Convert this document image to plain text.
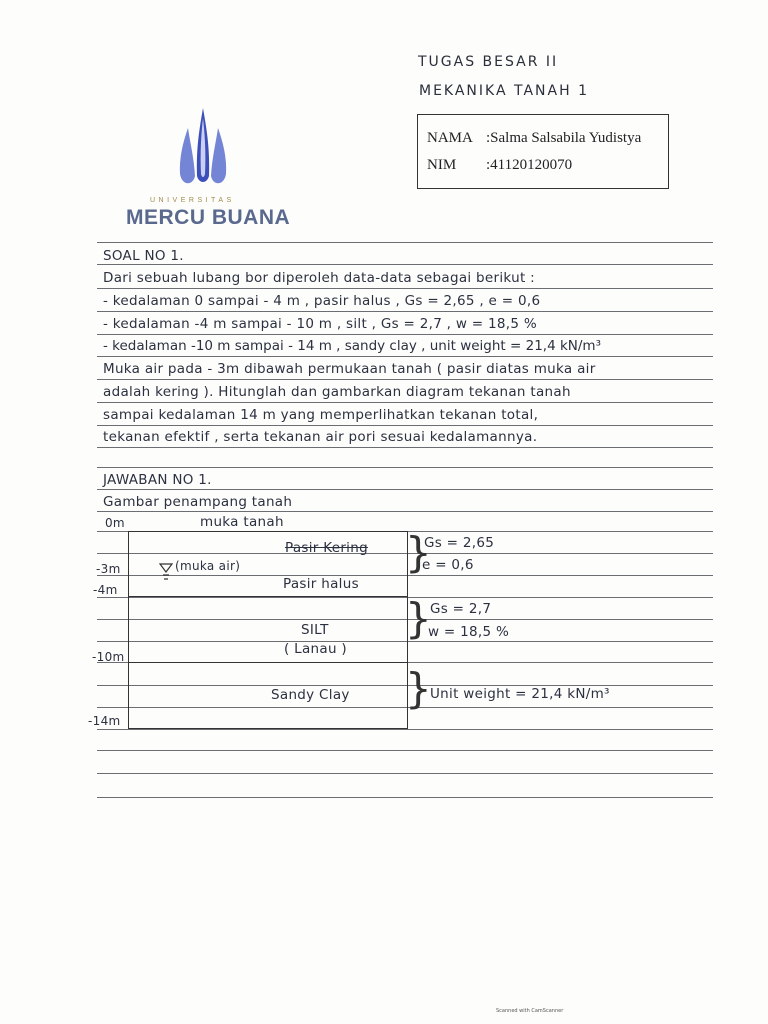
TUGAS BESAR II
MEKANIKA TANAH 1
NAMA :Salma Salsabila Yudistya
NIM :41120120070
UNIVERSITAS
MERCU BUANA
SOAL NO 1.
Dari sebuah lubang bor diperoleh data-data sebagai berikut :
- kedalaman 0 sampai - 4 m , pasir halus , Gs = 2,65 , e = 0,6
- kedalaman -4 m sampai - 10 m , silt , Gs = 2,7 , w = 18,5 %
- kedalaman -10 m sampai - 14 m , sandy clay , unit weight = 21,4 kN/m³
Muka air pada - 3m dibawah permukaan tanah ( pasir diatas muka air
adalah kering ). Hitunglah dan gambarkan diagram tekanan tanah
sampai kedalaman 14 m yang memperlihatkan tekanan total,
tekanan efektif , serta tekanan air pori sesuai kedalamannya.
JAWABAN NO 1.
Gambar penampang tanah
0m	muka tanah
-3m
-4m
-10m
-14m
Pasir Kering
(muka air)
Pasir halus
SILT
( Lanau )
Sandy Clay
}
}
}
Gs = 2,65
e = 0,6
Gs = 2,7
w = 18,5 %
Unit weight = 21,4 kN/m³
Scanned with CamScanner
